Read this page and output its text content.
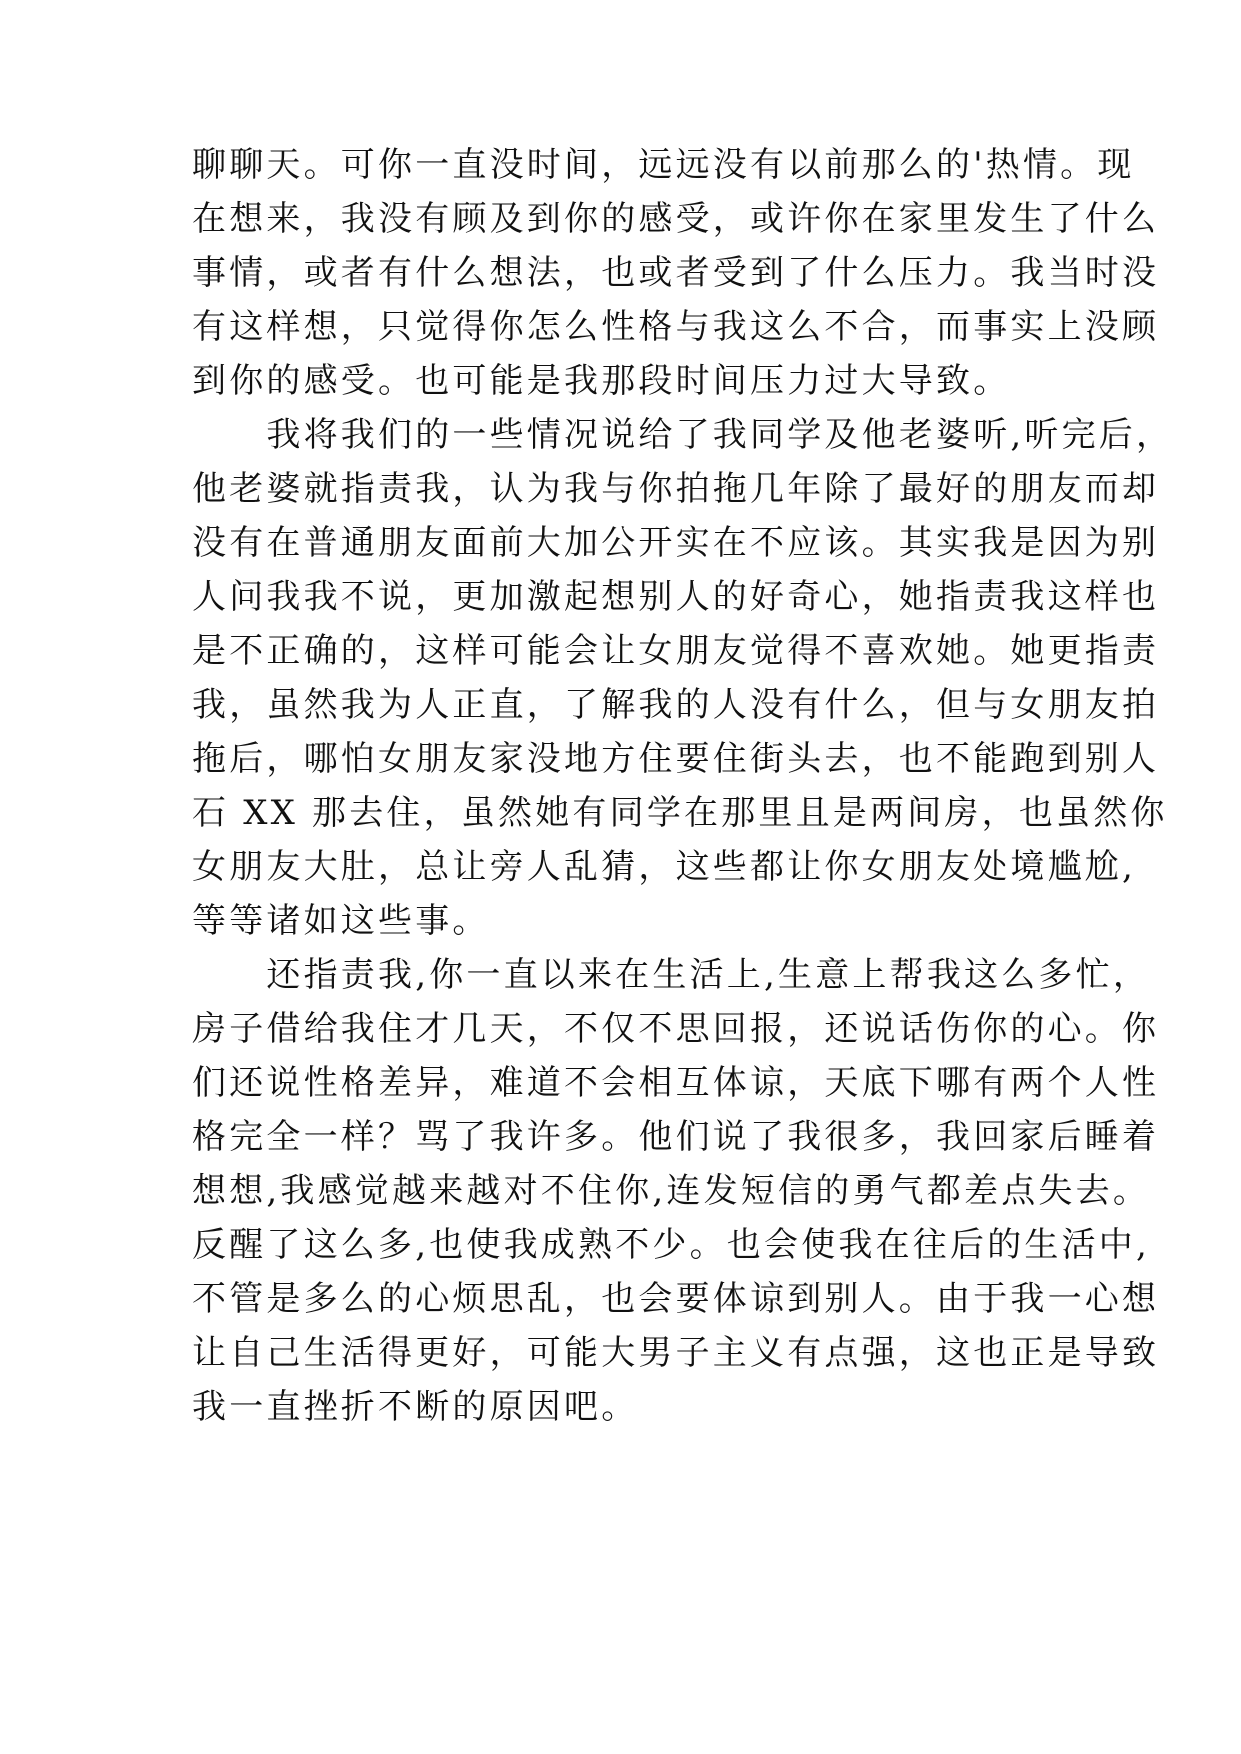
聊聊天。可你一直没时间，远远没有以前那么的'热情。现
在想来，我没有顾及到你的感受，或许你在家里发生了什么
事情，或者有什么想法，也或者受到了什么压力。我当时没
有这样想，只觉得你怎么性格与我这么不合，而事实上没顾
到你的感受。也可能是我那段时间压力过大导致。
　　我将我们的一些情况说给了我同学及他老婆听,听完后，
他老婆就指责我，认为我与你拍拖几年除了最好的朋友而却
没有在普通朋友面前大加公开实在不应该。其实我是因为别
人问我我不说，更加激起想别人的好奇心，她指责我这样也
是不正确的，这样可能会让女朋友觉得不喜欢她。她更指责
我，虽然我为人正直，了解我的人没有什么，但与女朋友拍
拖后，哪怕女朋友家没地方住要住街头去，也不能跑到别人
石 XX 那去住，虽然她有同学在那里且是两间房，也虽然你
女朋友大肚，总让旁人乱猜，这些都让你女朋友处境尴尬,
等等诸如这些事。
　　还指责我,你一直以来在生活上,生意上帮我这么多忙，
房子借给我住才几天，不仅不思回报，还说话伤你的心。你
们还说性格差异，难道不会相互体谅，天底下哪有两个人性
格完全一样？骂了我许多。他们说了我很多，我回家后睡着
想想,我感觉越来越对不住你,连发短信的勇气都差点失去。
反醒了这么多,也使我成熟不少。也会使我在往后的生活中,
不管是多么的心烦思乱，也会要体谅到别人。由于我一心想
让自己生活得更好，可能大男子主义有点强，这也正是导致
我一直挫折不断的原因吧。
